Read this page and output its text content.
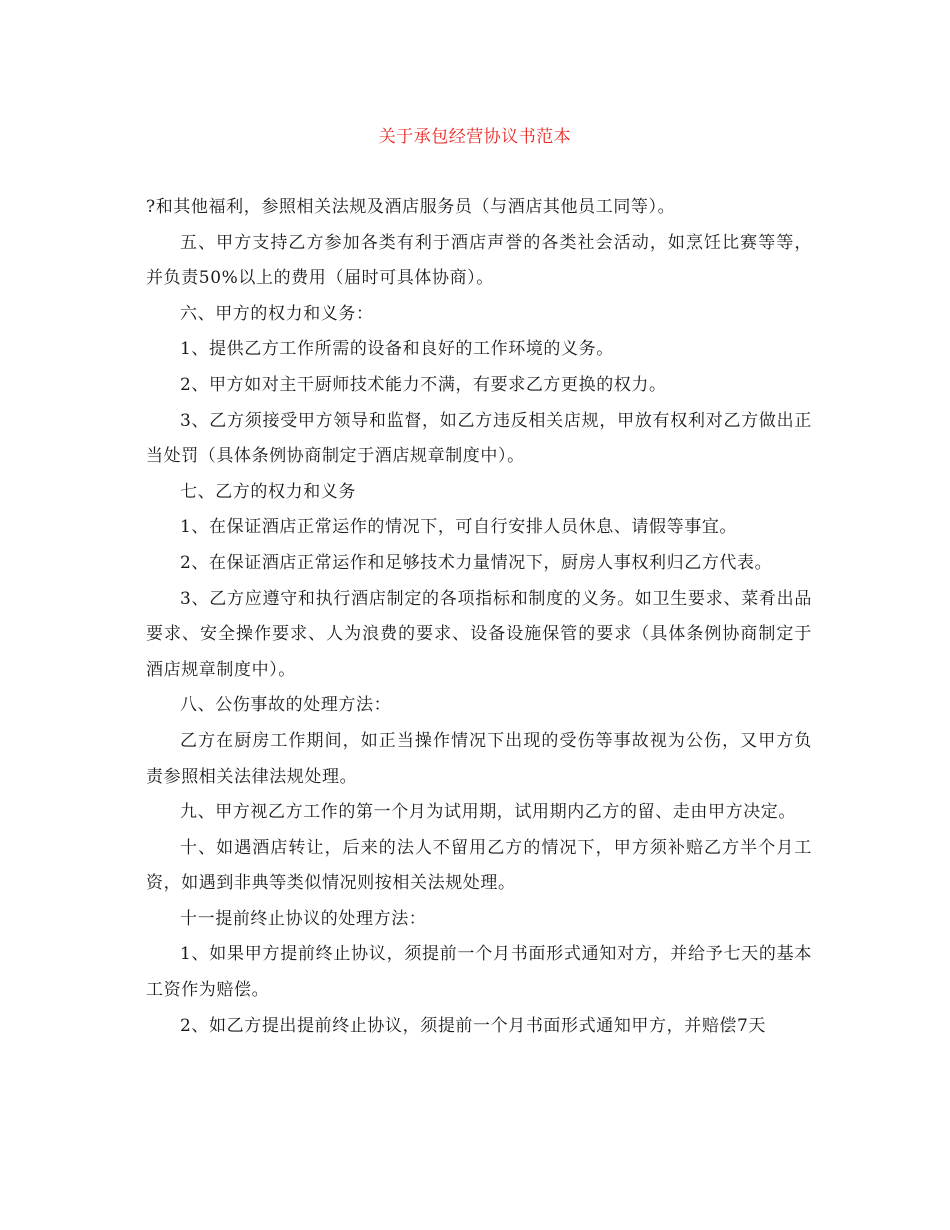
关于承包经营协议书范本

?和其他福利，参照相关法规及酒店服务员（与酒店其他员工同等）。

五、甲方支持乙方参加各类有利于酒店声誉的各类社会活动，如烹饪比赛等等，并负责50%以上的费用（届时可具体协商）。

六、甲方的权力和义务：

1、提供乙方工作所需的设备和良好的工作环境的义务。

2、甲方如对主干厨师技术能力不满，有要求乙方更换的权力。

3、乙方须接受甲方领导和监督，如乙方违反相关店规，甲放有权利对乙方做出正当处罚（具体条例协商制定于酒店规章制度中）。

七、乙方的权力和义务

1、在保证酒店正常运作的情况下，可自行安排人员休息、请假等事宜。

2、在保证酒店正常运作和足够技术力量情况下，厨房人事权利归乙方代表。

3、乙方应遵守和执行酒店制定的各项指标和制度的义务。如卫生要求、菜肴出品要求、安全操作要求、人为浪费的要求、设备设施保管的要求（具体条例协商制定于酒店规章制度中）。

八、公伤事故的处理方法：

乙方在厨房工作期间，如正当操作情况下出现的受伤等事故视为公伤，又甲方负责参照相关法律法规处理。

九、甲方视乙方工作的第一个月为试用期，试用期内乙方的留、走由甲方决定。

十、如遇酒店转让，后来的法人不留用乙方的情况下，甲方须补赔乙方半个月工资，如遇到非典等类似情况则按相关法规处理。

十一提前终止协议的处理方法：

1、如果甲方提前终止协议，须提前一个月书面形式通知对方，并给予七天的基本工资作为赔偿。

2、如乙方提出提前终止协议，须提前一个月书面形式通知甲方，并赔偿7天
